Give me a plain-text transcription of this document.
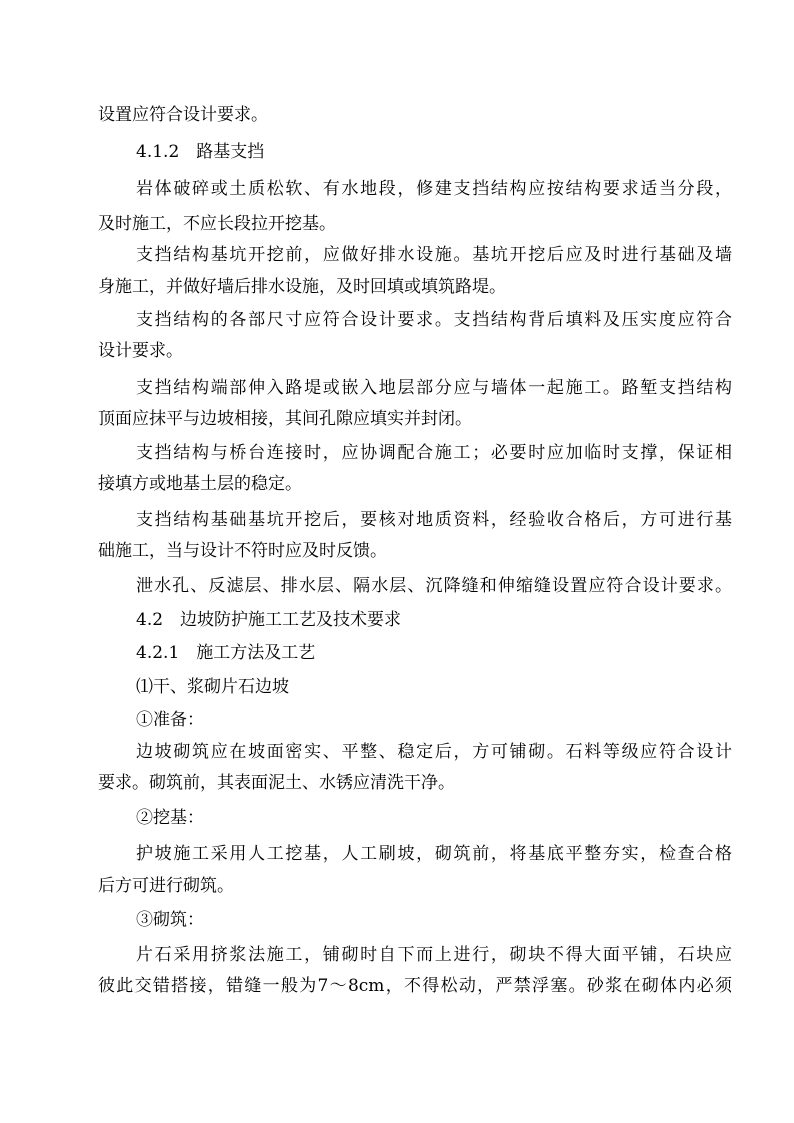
设置应符合设计要求。
4.1.2　路基支挡
岩体破碎或土质松软、有水地段，修建支挡结构应按结构要求适当分段，
及时施工，不应长段拉开挖基。
支挡结构基坑开挖前，应做好排水设施。基坑开挖后应及时进行基础及墙
身施工，并做好墙后排水设施，及时回填或填筑路堤。
支挡结构的各部尺寸应符合设计要求。支挡结构背后填料及压实度应符合
设计要求。
支挡结构端部伸入路堤或嵌入地层部分应与墙体一起施工。路堑支挡结构
顶面应抹平与边坡相接，其间孔隙应填实并封闭。
支挡结构与桥台连接时，应协调配合施工；必要时应加临时支撑，保证相
接填方或地基土层的稳定。
支挡结构基础基坑开挖后，要核对地质资料，经验收合格后，方可进行基
础施工，当与设计不符时应及时反馈。
泄水孔、反滤层、排水层、隔水层、沉降缝和伸缩缝设置应符合设计要求。
4.2　边坡防护施工工艺及技术要求
4.2.1　施工方法及工艺
⑴干、浆砌片石边坡
①准备：
边坡砌筑应在坡面密实、平整、稳定后，方可铺砌。石料等级应符合设计
要求。砌筑前，其表面泥土、水锈应清洗干净。
②挖基：
护坡施工采用人工挖基，人工刷坡，砌筑前，将基底平整夯实，检查合格
后方可进行砌筑。
③砌筑：
片石采用挤浆法施工，铺砌时自下而上进行，砌块不得大面平铺，石块应
彼此交错搭接，错缝一般为7～8cm，不得松动，严禁浮塞。砂浆在砌体内必须
